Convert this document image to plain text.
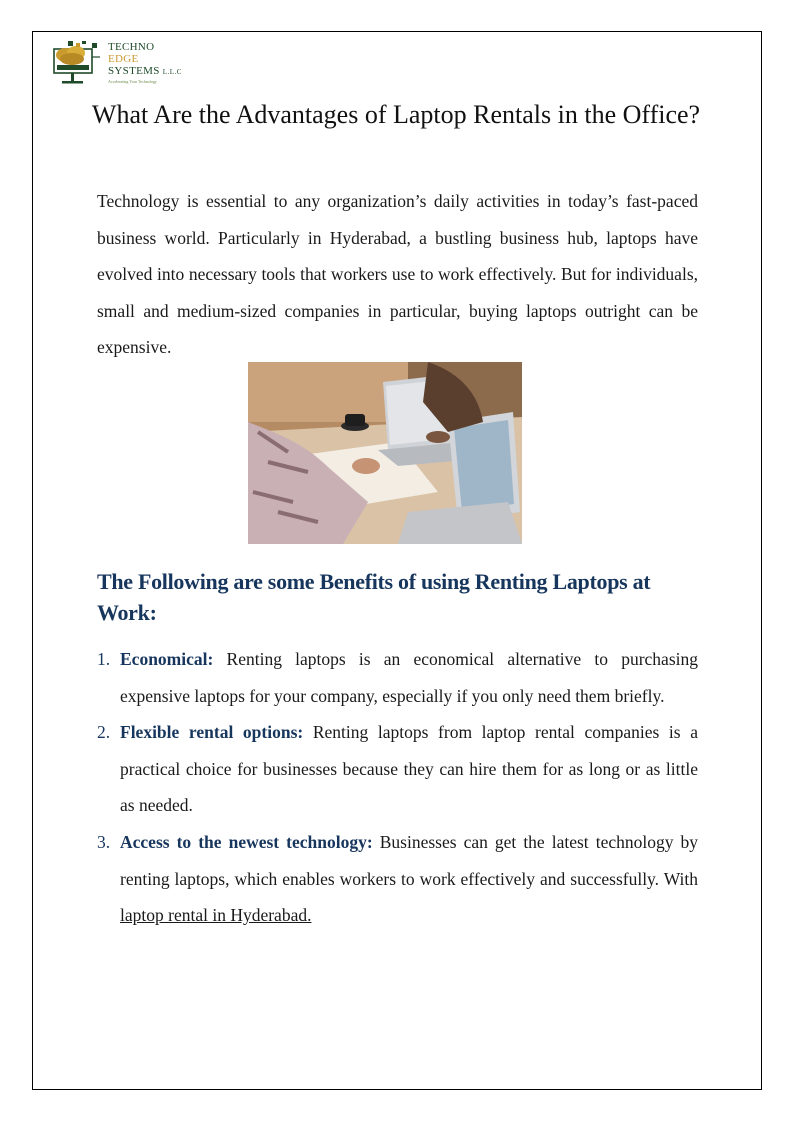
TECHNO
EDGE
SYSTEMS L.L.C
Accelerating Your Technology
What Are the Advantages of Laptop Rentals in the Office?

Technology is essential to any organization’s daily activities in today’s fast-paced business world. Particularly in Hyderabad, a bustling business hub, laptops have evolved into necessary tools that workers use to work effectively. But for individuals, small and medium-sized companies in particular, buying laptops outright can be expensive.

The Following are some Benefits of using Renting Laptops at Work:
1. Economical: Renting laptops is an economical alternative to purchasing expensive laptops for your company, especially if you only need them briefly.
2. Flexible rental options: Renting laptops from laptop rental companies is a practical choice for businesses because they can hire them for as long or as little as needed.
3. Access to the newest technology: Businesses can get the latest technology by renting laptops, which enables workers to work effectively and successfully. With laptop rental in Hyderabad.
